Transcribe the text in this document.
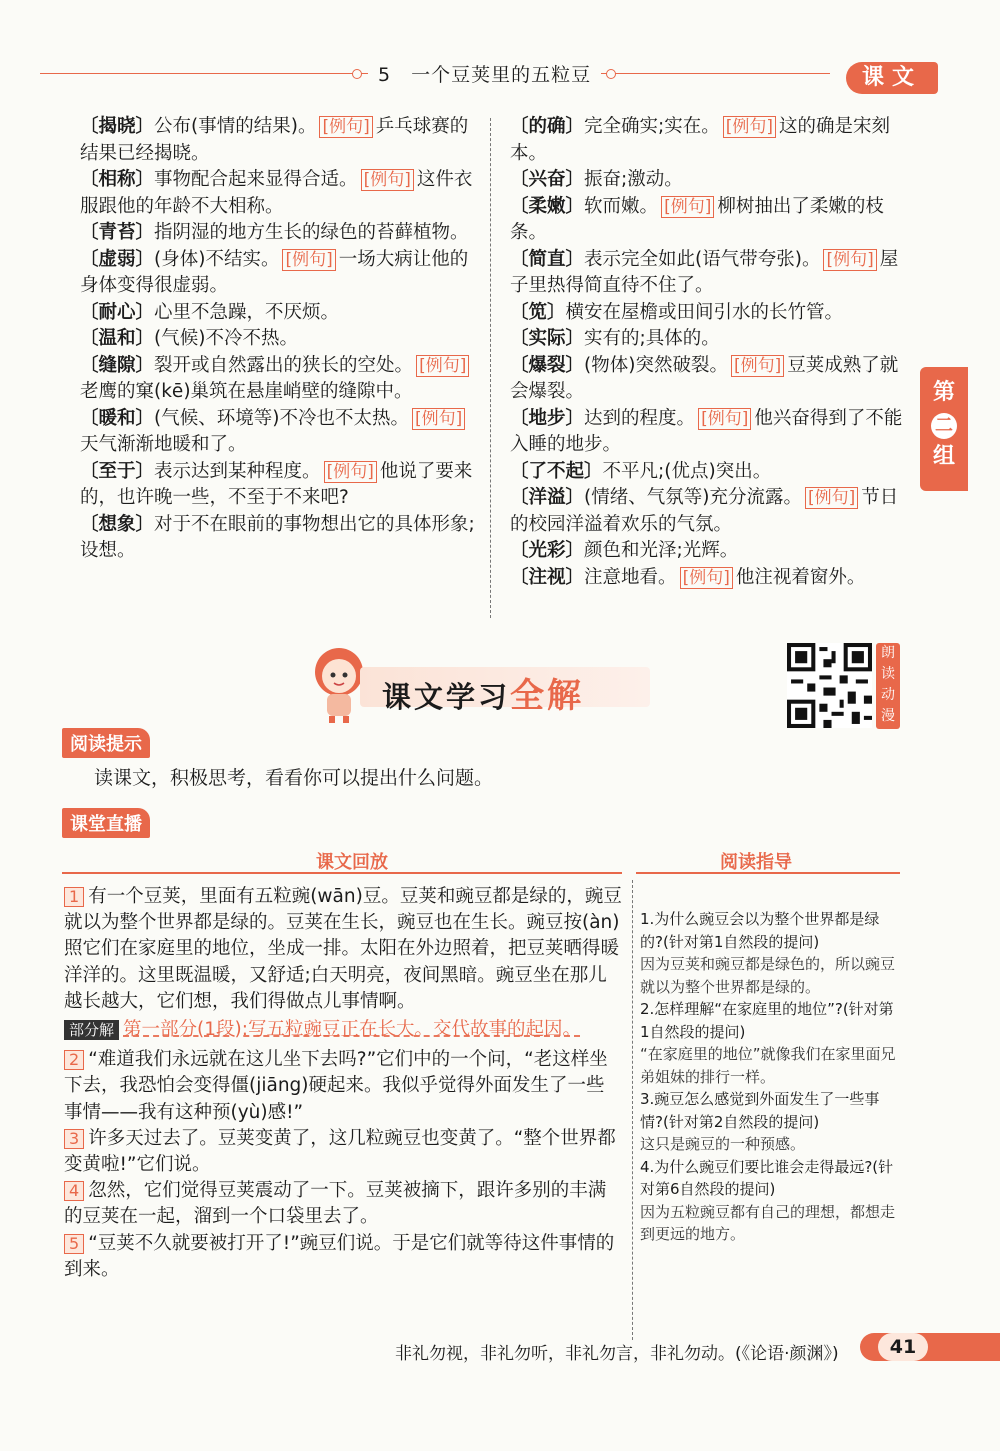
5　一个豆荚里的五粒豆	课文
第
二
组

〔 揭晓 〕 公布(事情的结果)。 [例句] 乒乓球赛的结果已经揭晓。

〔 相称 〕 事物配合起来显得合适。 [例句] 这件衣服跟他的年龄不大相称。

〔 青苔 〕 指阴湿的地方生长的绿色的苔藓植物。

〔 虚弱 〕 (身体)不结实。 [例句] 一场大病让他的身体变得很虚弱。

〔 耐心 〕 心里不急躁，不厌烦。

〔 温和 〕 (气候)不冷不热。

〔 缝隙 〕 裂开或自然露出的狭长的空处。 [例句]老鹰的窠(kē)巢筑在悬崖峭壁的缝隙中。

〔 暖和 〕 (气候、环境等)不冷也不太热。 [例句]天气渐渐地暖和了。

〔 至于 〕 表示达到某种程度。 [例句] 他说了要来的，也许晚一些，不至于不来吧?

〔 想象 〕 对于不在眼前的事物想出它的具体形象;设想。

〔 的确 〕 完全确实;实在。 [例句] 这的确是宋刻本。

〔 兴奋 〕 振奋;激动。

〔 柔嫩 〕 软而嫩。 [例句] 柳树抽出了柔嫩的枝条。

〔 简直 〕 表示完全如此(语气带夸张)。 [例句] 屋子里热得简直待不住了。

〔 笕 〕 横安在屋檐或田间引水的长竹管。

〔 实际 〕 实有的;具体的。

〔 爆裂 〕 (物体)突然破裂。 [例句] 豆荚成熟了就会爆裂。

〔 地步 〕 达到的程度。 [例句] 他兴奋得到了不能入睡的地步。

〔 了不起 〕 不平凡;(优点)突出。

〔 洋溢 〕 (情绪、气氛等)充分流露。 [例句] 节日的校园洋溢着欢乐的气氛。

〔 光彩 〕 颜色和光泽;光辉。

〔 注视 〕 注意地看。 [例句] 他注视着窗外。

课文学习全解
朗读动漫
阅读提示
读课文，积极思考，看看你可以提出什么问题。
课堂直播
课文回放	阅读指导

1 有一个豆荚，里面有五粒豌(wān)豆。豆荚和豌豆都是绿的，豌豆就以为整个世界都是绿的。豆荚在生长，豌豆也在生长。豌豆按(àn)照它们在家庭里的地位，坐成一排。太阳在外边照着，把豆荚晒得暖洋洋的。这里既温暖，又舒适;白天明亮，夜间黑暗。豌豆坐在那儿越长越大，它们想，我们得做点儿事情啊。

部分解 第一部分(1段):写五粒豌豆正在长大。交代故事的起因。

2 “难道我们永远就在这儿坐下去吗?”它们中的一个问，“老这样坐下去，我恐怕会变得僵(jiāng)硬起来。我似乎觉得外面发生了一些事情——我有这种预(yù)感!”

3 许多天过去了。豆荚变黄了，这几粒豌豆也变黄了。“整个世界都变黄啦!”它们说。

4 忽然，它们觉得豆荚震动了一下。豆荚被摘下，跟许多别的丰满的豆荚在一起，溜到一个口袋里去了。

5 “豆荚不久就要被打开了!”豌豆们说。于是它们就等待这件事情的到来。

1.为什么豌豆会以为整个世界都是绿的?(针对第1自然段的提问)

因为豆荚和豌豆都是绿色的，所以豌豆就以为整个世界都是绿的。

2.怎样理解“在家庭里的地位”?(针对第1自然段的提问)

“在家庭里的地位”就像我们在家里面兄弟姐妹的排行一样。

3.豌豆怎么感觉到外面发生了一些事情?(针对第2自然段的提问)

这只是豌豆的一种预感。

4.为什么豌豆们要比谁会走得最远?(针对第6自然段的提问)

因为五粒豌豆都有自己的理想，都想走到更远的地方。

非礼勿视，非礼勿听，非礼勿言，非礼勿动。(《论语·颜渊》)	41
